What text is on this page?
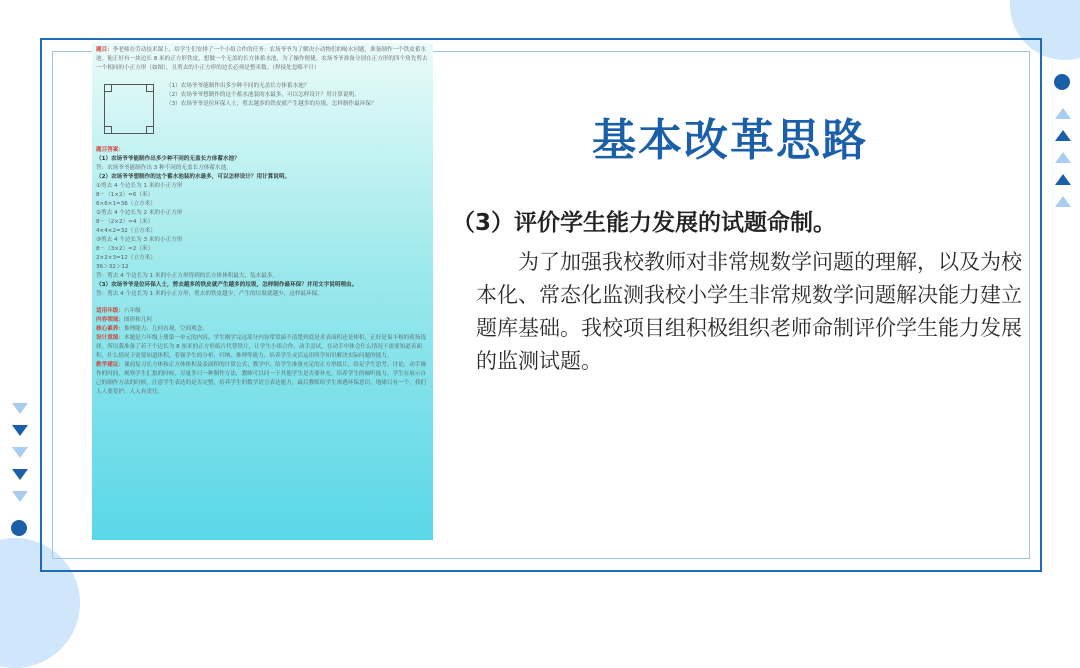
题目：李老师在劳动技术课上，给学生们安排了一个小组合作的任务：农场爷爷为了解决小动物们的喝水问题，准备制作一个铁皮蓄水池。他正好有一块边长 8 米的正方形铁皮，想做一个无盖的长方体蓄水池，为了操作便捷，农场爷爷准备分别在正方形的四个角先剪去一个相同的小正方形（如图），且剪去的小正方形的边长必须是整米数。（焊接处忽略不计）

（1）农场爷爷能制作出多少种不同的无盖长方体蓄水池？

（2）农场爷爷想制作的这个蓄水池装的水最多，可以怎样设计？用计算说明。

（3）农场爷爷是位环保人士，剪去越多的铁皮就产生越多的垃圾，怎样制作最环保？

题目答案：

（1）农场爷爷能制作出多少种不同的无盖长方体蓄水池？

答：农场爷爷能制作出 3 种不同的无盖长方体蓄水池。

（2）农场爷爷想制作的这个蓄水池装的水最多，可以怎样设计？用计算说明。

①剪去 4 个边长为 1 米的小正方形

8－（1×2）=6（米）

6×6×1=36（立方米）

②剪去 4 个边长为 2 米的小正方形

8－（2×2）=4（米）

4×4×2=32（立方米）

③剪去 4 个边长为 3 米的小正方形

8－（3×2）=2（米）

2×2×3=12（立方米）

36＞32＞12

答：剪去 4 个边长为 1 米的小正方形得到的长方体体积最大，装水最多。

（3）农场爷爷是位环保人士，剪去越多的铁皮就产生越多的垃圾，怎样制作最环保？并用文字说明理由。

答：剪去 4 个边长为 1 米的小正方形，剪去的铁皮越少，产生的垃圾就越少，这样最环保。

适用年级：六年级

内容领域：图形和几何

核心素养：推理能力、几何直观、空间观念。

设计意图：本题是六年级上册第一单元的内容，学生刚学完这部分内容常常搞不清楚到底是求表面积还是体积，正好是巢丰租的荷扬选择。所以我准备了若干个边长为 8 厘米的正方形纸片代替铁片，让学生小组合作，动手尝试，在动手中体会什么情况下需要知道表面积，什么情况下需要知道体积，着强学生的分析、归纳、推理等能力，培养学生灵活运用所学知识解决实际问题的能力。

教学建议：课前复习长方体和正方体体积及表面积的计算公式；教学中，给学生准备充足的正方形纸片，给足学生思考、讨论、动手操作的时间，观察学生汇报的时候，尽量多只一种制作方法，教师可以问一下其他学生是否要补充，培养学生的倾听能力。学生在展示自己的制作方法的时候，注意学生表达的是否完整，培养学生的数学语言表达能力。最后教师给学生渗透环保意识，地球只有一个，我们人人要爱护，人人有责任。

基本改革思路
（3）评价学生能力发展的试题命制。
为了加强我校教师对非常规数学问题的理解，以及为校本化、常态化监测我校小学生非常规数学问题解决能力建立题库基础。我校项目组积极组织老师命制评价学生能力发展的监测试题。
